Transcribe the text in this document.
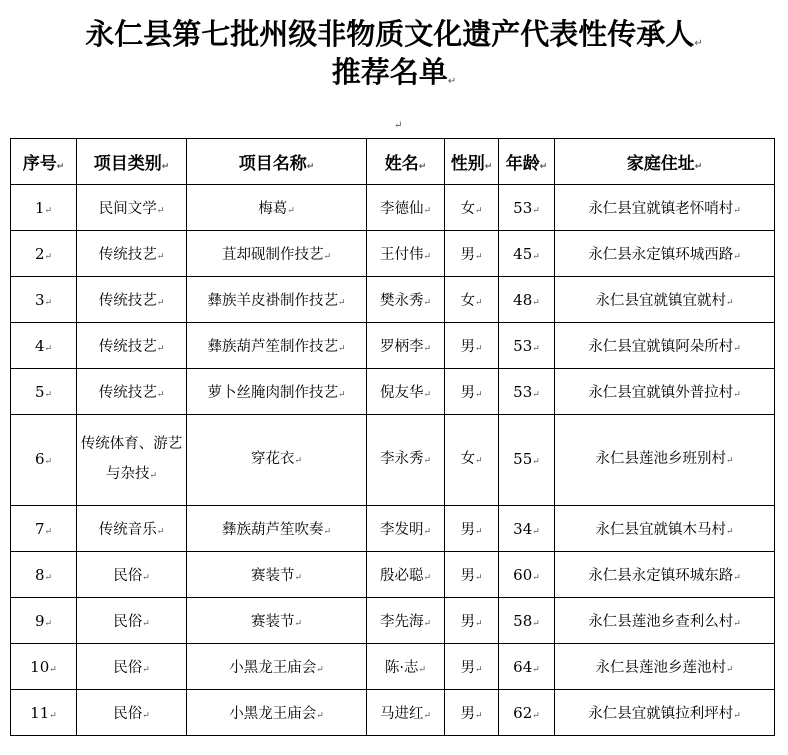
永仁县第七批州级非物质文化遗产代表性传承人↵
推荐名单↵
↵
序号↵	项目类别↵	项目名称↵	姓名↵	性别↵	年龄↵	家庭住址↵
1↵	民间文学↵	梅葛↵	李德仙↵	女↵	53↵	永仁县宜就镇老怀哨村↵
2↵	传统技艺↵	苴却砚制作技艺↵	王付伟↵	男↵	45↵	永仁县永定镇环城西路↵
3↵	传统技艺↵	彝族羊皮褂制作技艺↵	樊永秀↵	女↵	48↵	永仁县宜就镇宜就村↵
4↵	传统技艺↵	彝族葫芦笙制作技艺↵	罗柄李↵	男↵	53↵	永仁县宜就镇阿朵所村↵
5↵	传统技艺↵	萝卜丝腌肉制作技艺↵	倪友华↵	男↵	53↵	永仁县宜就镇外普拉村↵
6↵	传统体育、游艺与杂技↵	穿花衣↵	李永秀↵	女↵	55↵	永仁县莲池乡班别村↵
7↵	传统音乐↵	彝族葫芦笙吹奏↵	李发明↵	男↵	34↵	永仁县宜就镇木马村↵
8↵	民俗↵	赛装节↵	殷必聪↵	男↵	60↵	永仁县永定镇环城东路↵
9↵	民俗↵	赛装节↵	李先海↵	男↵	58↵	永仁县莲池乡查利么村↵
10↵	民俗↵	小黑龙王庙会↵	陈·志↵	男↵	64↵	永仁县莲池乡莲池村↵
11↵	民俗↵	小黑龙王庙会↵	马进红↵	男↵	62↵	永仁县宜就镇拉利坪村↵
